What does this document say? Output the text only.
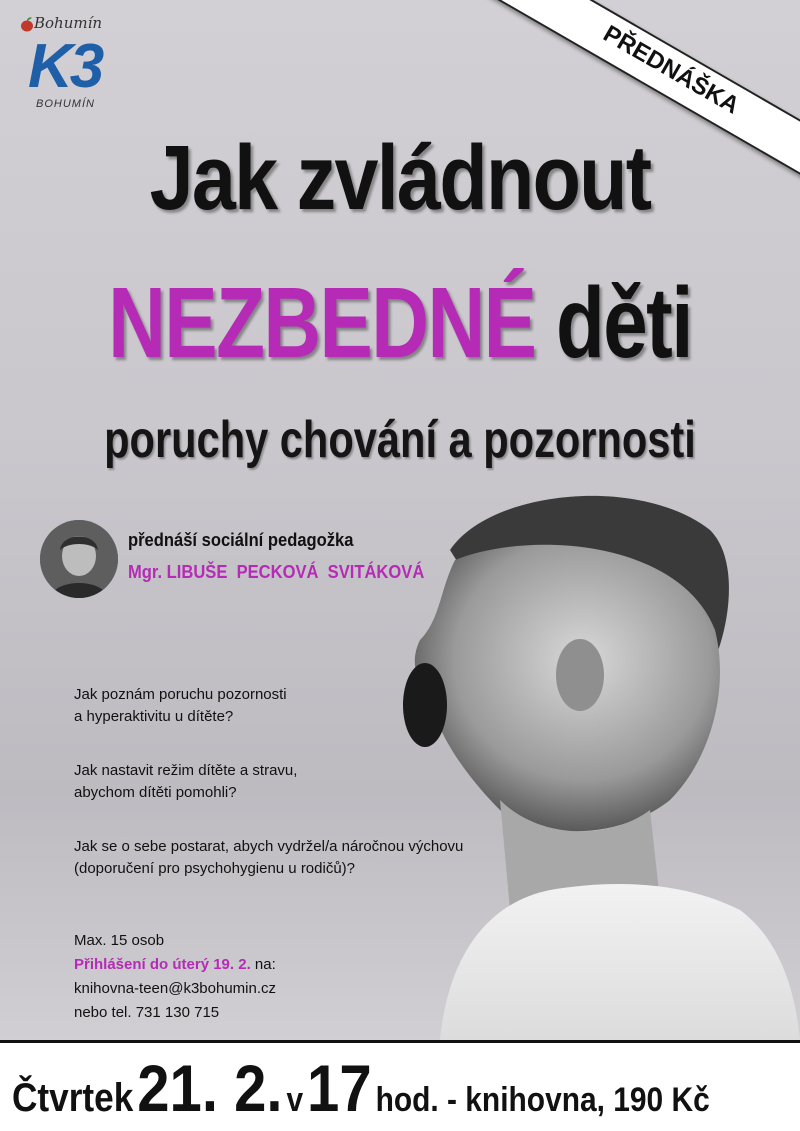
Bohumín
K3
BOHUMÍN	PŘEDNÁŠKA
Jak zvládnout
NEZBEDNÉ děti
poruchy chování a pozornosti
přednáší sociální pedagožka
Mgr. LIBUŠE  PECKOVÁ  SVITÁKOVÁ
Jak poznám poruchu pozornosti
a hyperaktivitu u dítěte?
Jak nastavit režim dítěte a stravu,
abychom dítěti pomohli?
Jak se o sebe postarat, abych vydržel/a náročnou výchovu
(doporučení pro psychohygienu u rodičů)?
Max. 15 osob
Přihlášení do úterý 19. 2. na:
knihovna-teen@k3bohumin.cz
nebo tel. 731 130 715
Čtvrtek 21. 2. v 17 hod. - knihovna, 190 Kč
